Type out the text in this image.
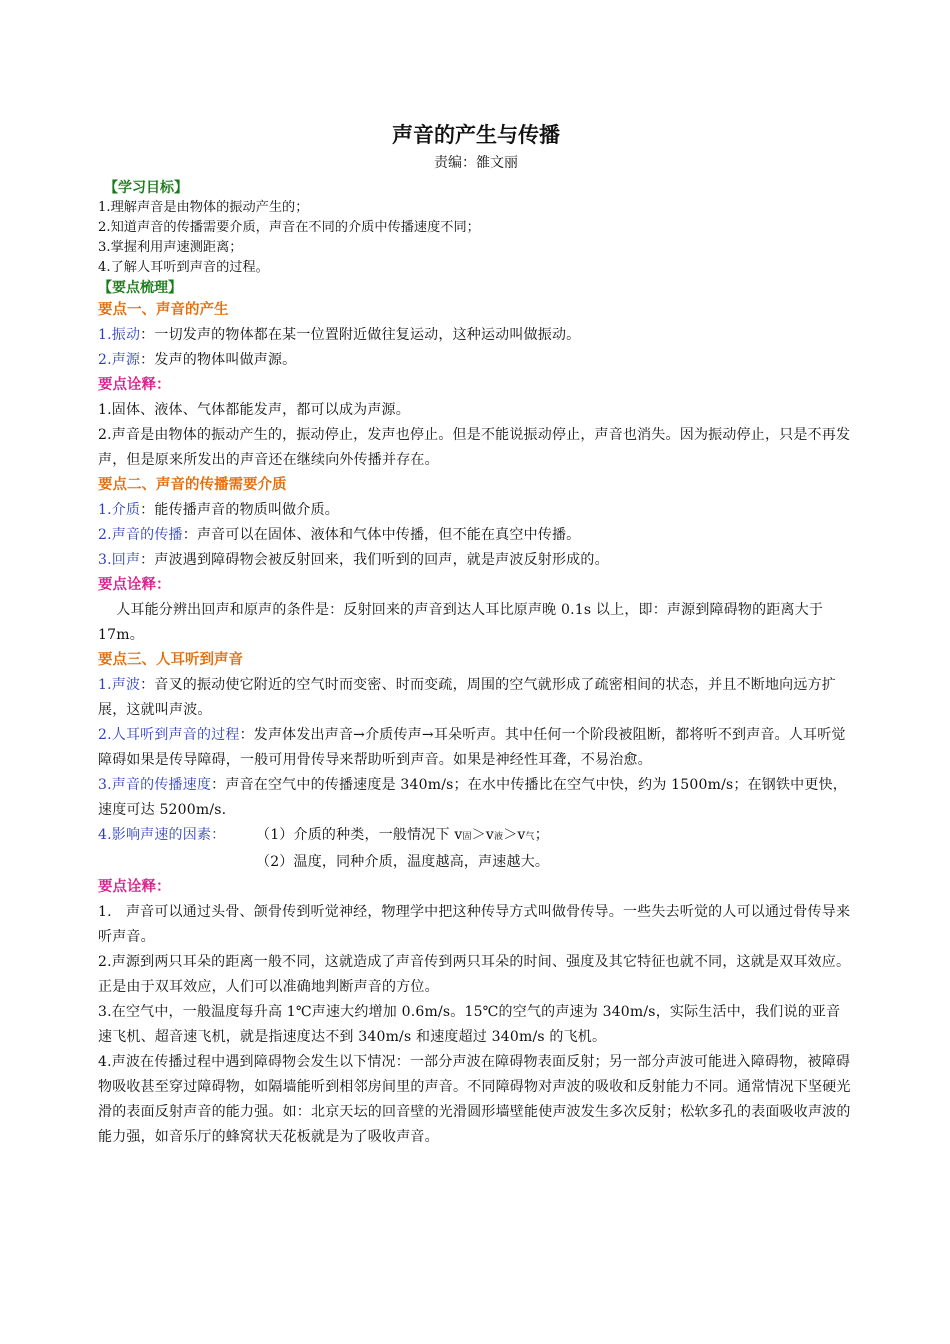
声音的产生与传播

责编：雒文丽

【学习目标】

1.理解声音是由物体的振动产生的；

2.知道声音的传播需要介质，声音在不同的介质中传播速度不同；

3.掌握利用声速测距离；

4.了解人耳听到声音的过程。

【要点梳理】

要点一、声音的产生

1.振动：一切发声的物体都在某一位置附近做往复运动，这种运动叫做振动。

2.声源：发声的物体叫做声源。

要点诠释：

1.固体、液体、气体都能发声，都可以成为声源。

2.声音是由物体的振动产生的，振动停止，发声也停止。但是不能说振动停止，声音也消失。因为振动停止，只是不再发声，但是原来所发出的声音还在继续向外传播并存在。

要点二、声音的传播需要介质

1.介质：能传播声音的物质叫做介质。

2.声音的传播：声音可以在固体、液体和气体中传播，但不能在真空中传播。

3.回声：声波遇到障碍物会被反射回来，我们听到的回声，就是声波反射形成的。

要点诠释：

人耳能分辨出回声和原声的条件是：反射回来的声音到达人耳比原声晚 0.1s 以上，即：声源到障碍物的距离大于 17m。

要点三、人耳听到声音

1.声波：音叉的振动使它附近的空气时而变密、时而变疏，周围的空气就形成了疏密相间的状态，并且不断地向远方扩展，这就叫声波。

2.人耳听到声音的过程：发声体发出声音→介质传声→耳朵听声。其中任何一个阶段被阻断，都将听不到声音。人耳听觉障碍如果是传导障碍，一般可用骨传导来帮助听到声音。如果是神经性耳聋，不易治愈。

3.声音的传播速度：声音在空气中的传播速度是 340m/s；在水中传播比在空气中快，约为 1500m/s；在钢铁中更快，速度可达 5200m/s.

4.影响声速的因素：	（1）介质的种类，一般情况下 v固＞v液＞v气；

（2）温度，同种介质，温度越高，声速越大。

要点诠释：

1.　声音可以通过头骨、颌骨传到听觉神经，物理学中把这种传导方式叫做骨传导。一些失去听觉的人可以通过骨传导来听声音。

2.声源到两只耳朵的距离一般不同，这就造成了声音传到两只耳朵的时间、强度及其它特征也就不同，这就是双耳效应。正是由于双耳效应，人们可以准确地判断声音的方位。

3.在空气中，一般温度每升高 1℃声速大约增加 0.6m/s。15℃的空气的声速为 340m/s，实际生活中，我们说的亚音速飞机、超音速飞机，就是指速度达不到 340m/s 和速度超过 340m/s 的飞机。

4.声波在传播过程中遇到障碍物会发生以下情况：一部分声波在障碍物表面反射；另一部分声波可能进入障碍物，被障碍物吸收甚至穿过障碍物，如隔墙能听到相邻房间里的声音。不同障碍物对声波的吸收和反射能力不同。通常情况下坚硬光滑的表面反射声音的能力强。如：北京天坛的回音壁的光滑圆形墙壁能使声波发生多次反射；松软多孔的表面吸收声波的能力强，如音乐厅的蜂窝状天花板就是为了吸收声音。
